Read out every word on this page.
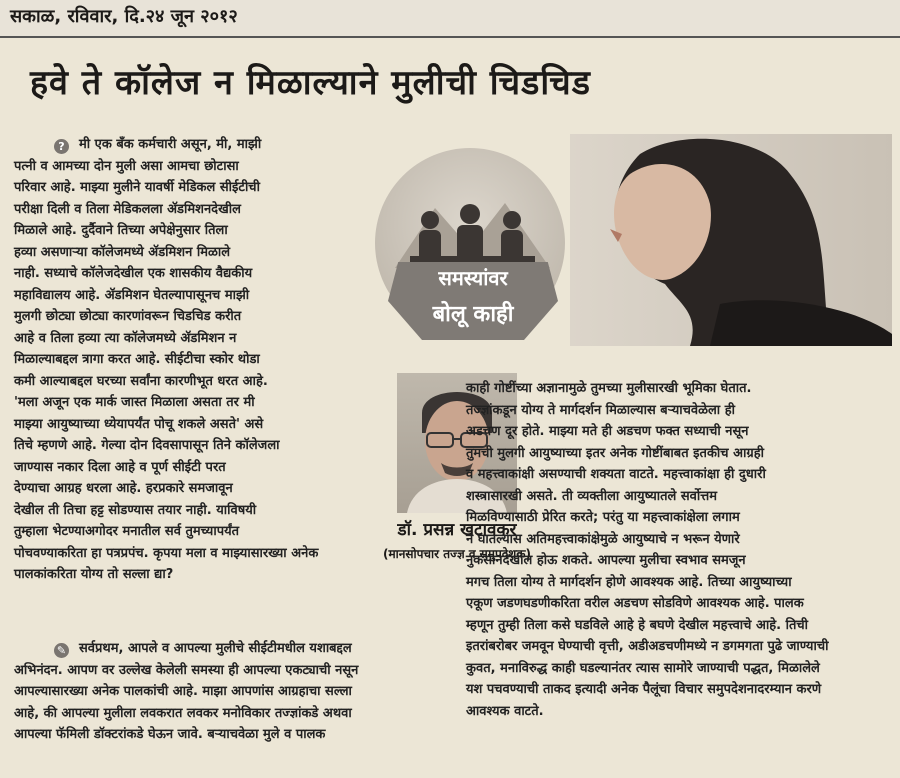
सकाळ, रविवार, दि.२४ जून २०१२
हवे ते कॉलेज न मिळाल्याने मुलीची चिडचिड
? मी एक बँक कर्मचारी असून, मी, माझी
पत्नी व आमच्या दोन मुली असा आमचा छोटासा
परिवार आहे. माझ्या मुलीने यावर्षी मेडिकल सीईटीची
परीक्षा दिली व तिला मेडिकलला ॲडमिशनदेखील
मिळाले आहे. दुर्दैवाने तिच्या अपेक्षेनुसार तिला
हव्या असणाऱ्या कॉलेजमध्ये ॲडमिशन मिळाले
नाही. सध्याचे कॉलेजदेखील एक शासकीय वैद्यकीय
महाविद्यालय आहे. ॲडमिशन घेतल्यापासूनच माझी
मुलगी छोट्या छोट्या कारणांवरून चिडचिड करीत
आहे व तिला हव्या त्या कॉलेजमध्ये ॲडमिशन न
मिळाल्याबद्दल त्रागा करत आहे. सीईटीचा स्कोर थोडा
कमी आल्याबद्दल घरच्या सर्वांना कारणीभूत धरत आहे.
'मला अजून एक मार्क जास्त मिळाला असता तर मी
माझ्या आयुष्याच्या ध्येयापर्यंत पोचू शकले असते' असे
तिचे म्हणणे आहे. गेल्या दोन दिवसापासून तिने कॉलेजला
जाण्यास नकार दिला आहे व पूर्ण सीईटी परत
देण्याचा आग्रह धरला आहे. हरप्रकारे समजावून
देखील ती तिचा हट्ट सोडण्यास तयार नाही. याविषयी
तुम्हाला भेटण्याअगोदर मनातील सर्व तुमच्यापर्यंत
पोचवण्याकरिता हा पत्रप्रपंच. कृपया मला व माझ्यासारख्या अनेक
पालकांकरिता योग्य तो सल्ला द्या?
समस्यांवर
बोलू काही
डॉ. प्रसन्न खटावकर
(मानसोपचार तज्ज्ञ व समुपदेशक)
काही गोष्टींच्या अज्ञानामुळे तुमच्या मुलीसारखी भूमिका घेतात.
तज्ज्ञांकडून योग्य ते मार्गदर्शन मिळाल्यास बऱ्याचवेळेला ही
अडचण दूर होते. माझ्या मते ही अडचण फक्त सध्याची नसून
तुमची मुलगी आयुष्याच्या इतर अनेक गोष्टींबाबत इतकीच आग्रही
व महत्त्वाकांक्षी असण्याची शक्यता वाटते. महत्त्वाकांक्षा ही दुधारी
शस्त्रासारखी असते. ती व्यक्तीला आयुष्यातले सर्वोत्तम
मिळविण्यासाठी प्रेरित करते; परंतु या महत्त्वाकांक्षेला लगाम
न घातल्यास अतिमहत्त्वाकांक्षेमुळे आयुष्याचे न भरून येणारे
नुकसानदेखील होऊ शकते. आपल्या मुलीचा स्वभाव समजून
मगच तिला योग्य ते मार्गदर्शन होणे आवश्यक आहे. तिच्या आयुष्याच्या
एकूण जडणघडणीकरिता वरील अडचण सोडविणे आवश्यक आहे. पालक
म्हणून तुम्ही तिला कसे घडविले आहे हे बघणे देखील महत्त्वाचे आहे. तिची
इतरांबरोबर जमवून घेण्याची वृत्ती, अडीअडचणीमध्ये न डगमगता पुढे जाण्याची
कुवत, मनाविरुद्ध काही घडल्यानंतर त्यास सामोरे जाण्याची पद्धत, मिळालेले
यश पचवण्याची ताकद इत्यादी अनेक पैलूंचा विचार समुपदेशनादरम्यान करणे
आवश्यक वाटते.
✎ सर्वप्रथम, आपले व आपल्या मुलीचे सीईटीमधील यशाबद्दल
अभिनंदन. आपण वर उल्लेख केलेली समस्या ही आपल्या एकट्याची नसून
आपल्यासारख्या अनेक पालकांची आहे. माझा आपणांस आग्रहाचा सल्ला
आहे, की आपल्या मुलीला लवकरात लवकर मनोविकार तज्ज्ञांकडे अथवा
आपल्या फॅमिली डॉक्टरांकडे घेऊन जावे. बऱ्याचवेळा मुले व पालक
